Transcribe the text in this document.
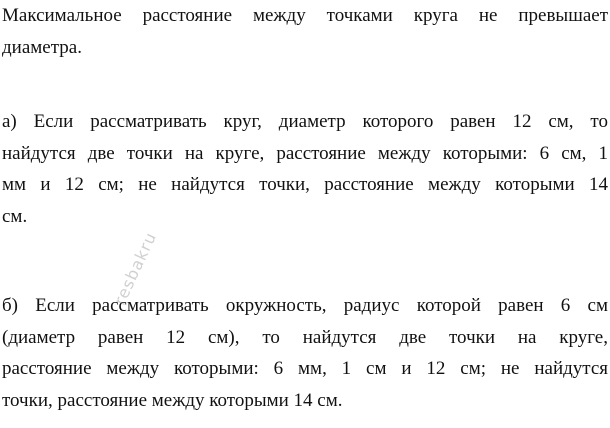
Максимальное расстояние между точками круга не превышает
диаметра.
а) Если рассматривать круг, диаметр которого равен 12 см, то
найдутся две точки на круге, расстояние между которыми: 6 см, 1
мм и 12 см; не найдутся точки, расстояние между которыми 14
см.
б) Если рассматривать окружность, радиус которой равен 6 см
(диаметр равен 12 см), то найдутся две точки на круге,
расстояние между которыми: 6 мм, 1 см и 12 см; не найдутся
точки, расстояние между которыми 14 см.
resbakru
